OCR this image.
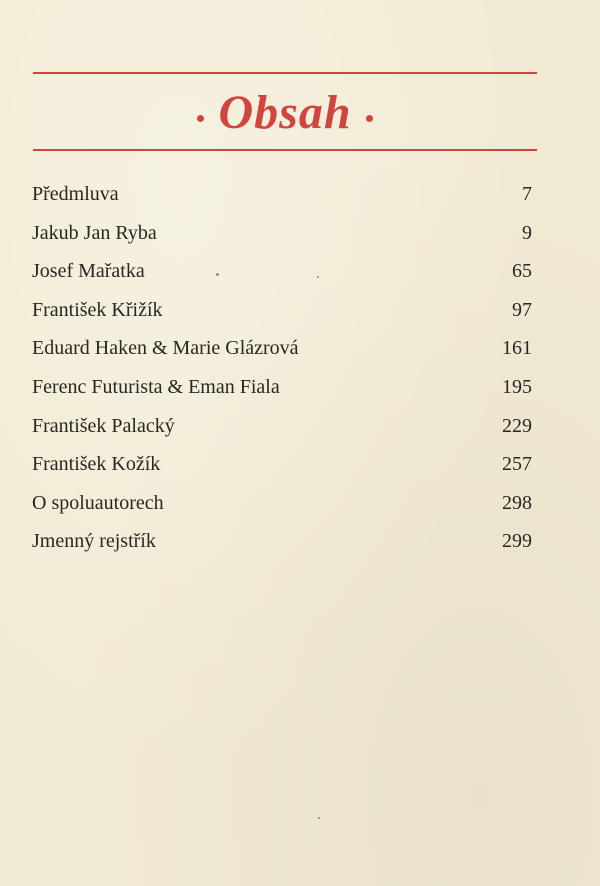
Obsah
Předmluva	7
Jakub Jan Ryba	9
Josef Mařatka	65
František Křižík	97
Eduard Haken & Marie Glázrová	161
Ferenc Futurista & Eman Fiala	195
František Palacký	229
František Kožík	257
O spoluautorech	298
Jmenný rejstřík	299
